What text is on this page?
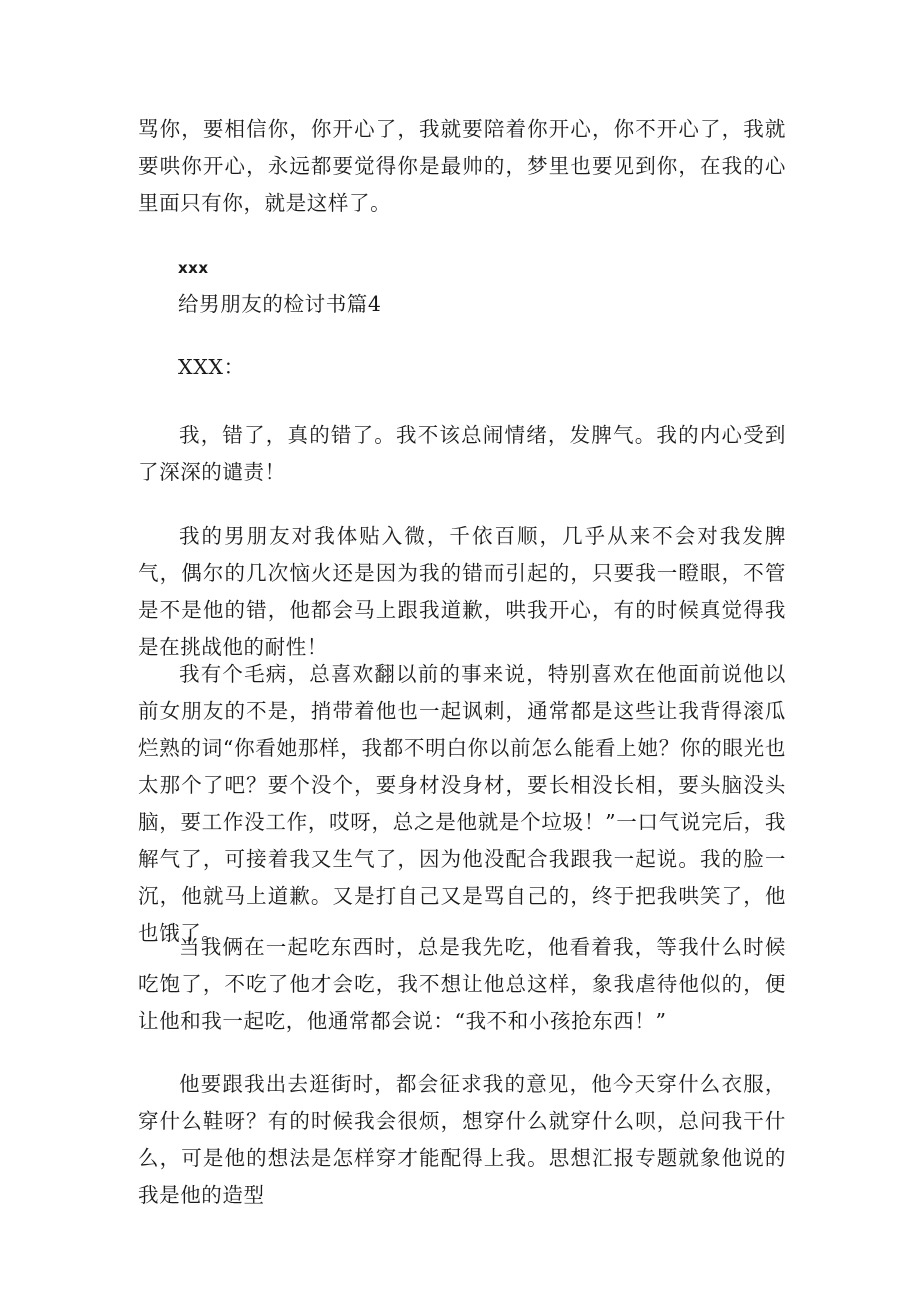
骂你，要相信你，你开心了，我就要陪着你开心，你不开心了，我就要哄你开心，永远都要觉得你是最帅的，梦里也要见到你，在我的心里面只有你，就是这样了。

xxx

给男朋友的检讨书篇4

XXX：

我，错了，真的错了。我不该总闹情绪，发脾气。我的内心受到了深深的谴责！

我的男朋友对我体贴入微，千依百顺，几乎从来不会对我发脾气，偶尔的几次恼火还是因为我的错而引起的，只要我一瞪眼，不管是不是他的错，他都会马上跟我道歉，哄我开心，有的时候真觉得我是在挑战他的耐性！

我有个毛病，总喜欢翻以前的事来说，特别喜欢在他面前说他以前女朋友的不是，捎带着他也一起讽刺，通常都是这些让我背得滚瓜烂熟的词“你看她那样，我都不明白你以前怎么能看上她？你的眼光也太那个了吧？要个没个，要身材没身材，要长相没长相，要头脑没头脑，要工作没工作，哎呀，总之是他就是个垃圾！”一口气说完后，我解气了，可接着我又生气了，因为他没配合我跟我一起说。我的脸一沉，他就马上道歉。又是打自己又是骂自己的，终于把我哄笑了，他也饿了。

当我俩在一起吃东西时，总是我先吃，他看着我，等我什么时候吃饱了，不吃了他才会吃，我不想让他总这样，象我虐待他似的，便让他和我一起吃，他通常都会说：“我不和小孩抢东西！”

他要跟我出去逛街时，都会征求我的意见，他今天穿什么衣服，穿什么鞋呀？有的时候我会很烦，想穿什么就穿什么呗，总问我干什么，可是他的想法是怎样穿才能配得上我。思想汇报专题就象他说的我是他的造型
